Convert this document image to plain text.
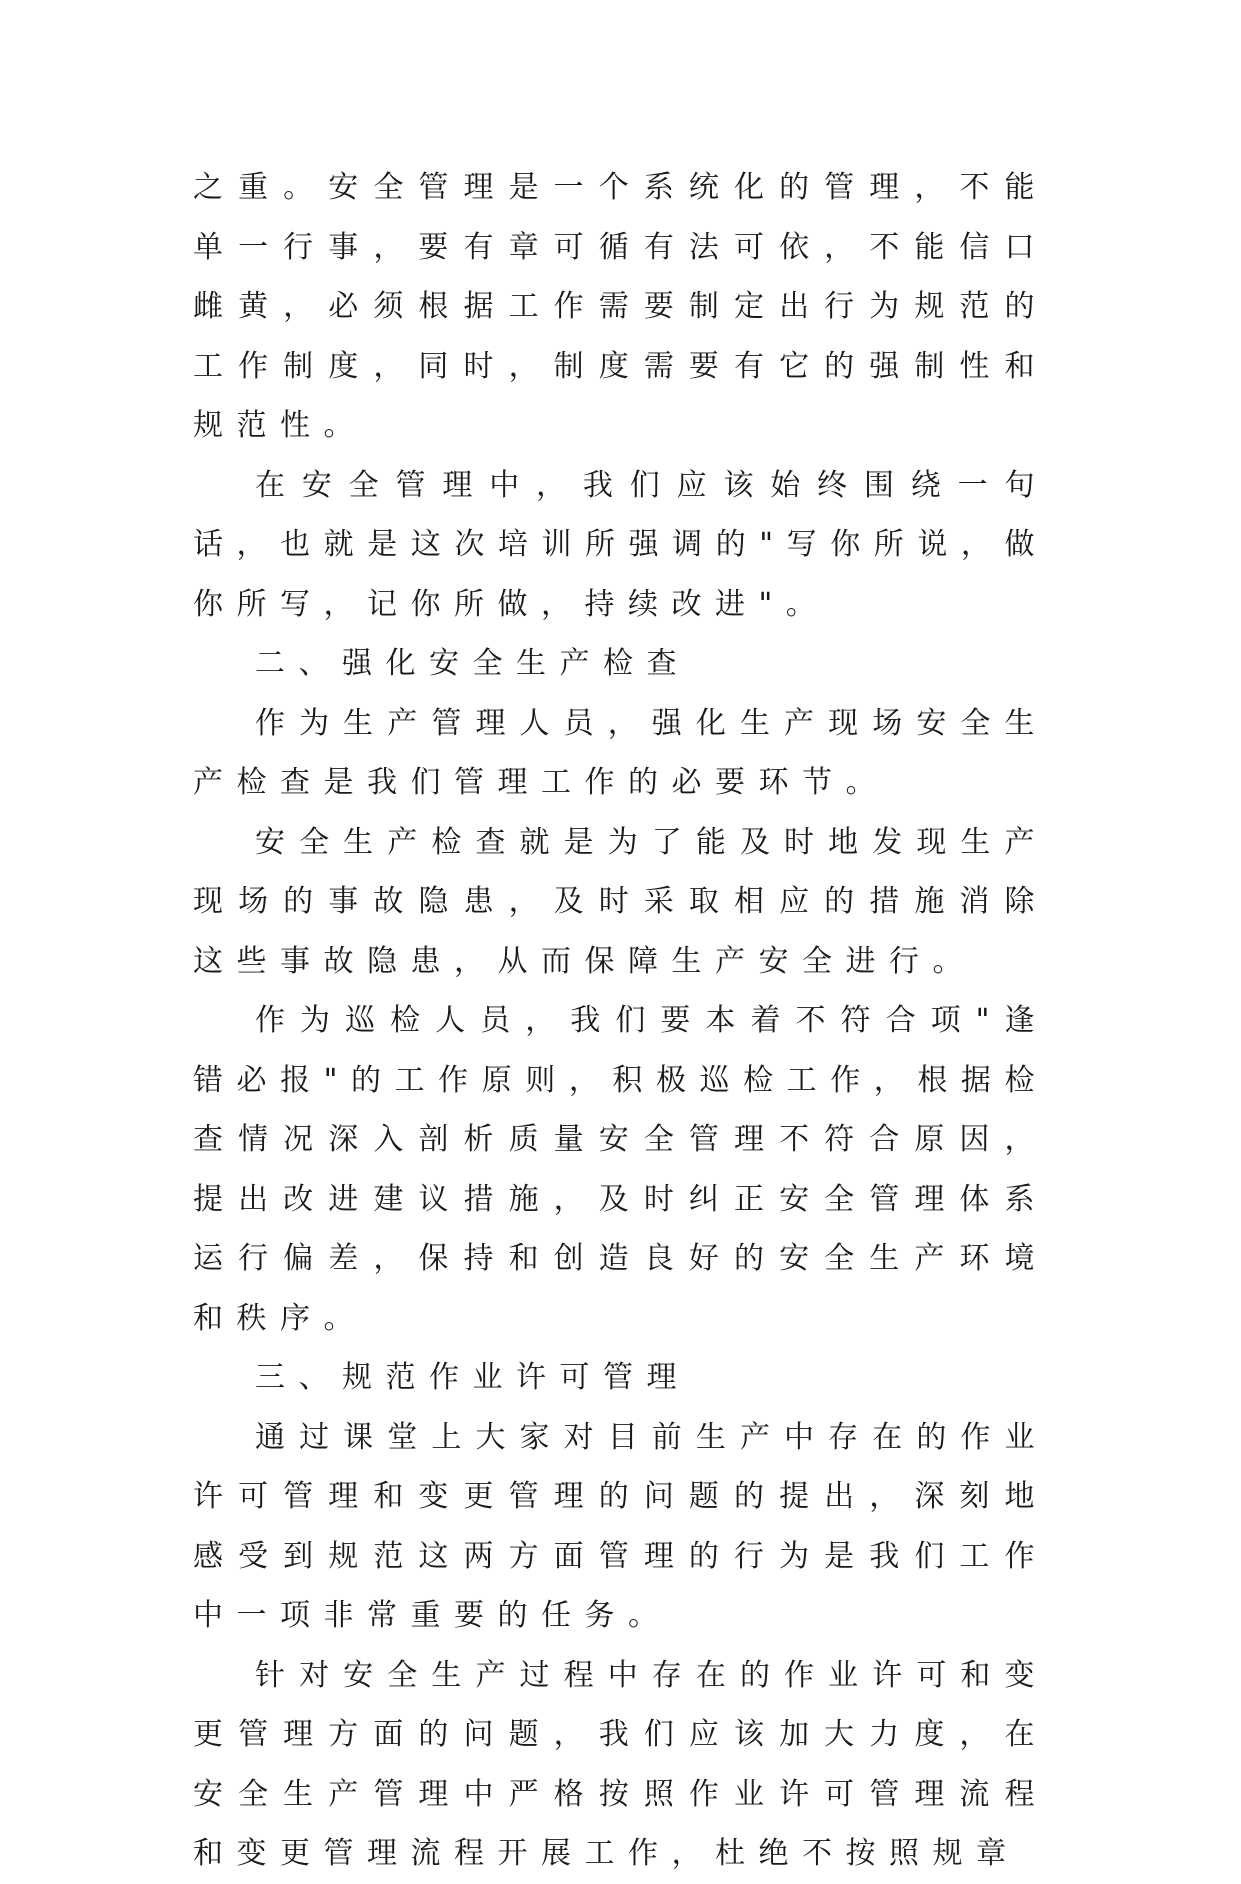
之重。安全管理是一个系统化的管理，不能单一行事，要有章可循有法可依，不能信口雌黄，必须根据工作需要制定出行为规范的工作制度，同时，制度需要有它的强制性和规范性。

在安全管理中，我们应该始终围绕一句话，也就是这次培训所强调的"写你所说，做你所写，记你所做，持续改进"。

二、强化安全生产检查

作为生产管理人员，强化生产现场安全生产检查是我们管理工作的必要环节。

安全生产检查就是为了能及时地发现生产现场的事故隐患，及时采取相应的措施消除这些事故隐患，从而保障生产安全进行。

作为巡检人员，我们要本着不符合项"逢错必报"的工作原则，积极巡检工作，根据检查情况深入剖析质量安全管理不符合原因，提出改进建议措施，及时纠正安全管理体系运行偏差，保持和创造良好的安全生产环境和秩序。

三、规范作业许可管理

通过课堂上大家对目前生产中存在的作业许可管理和变更管理的问题的提出，深刻地感受到规范这两方面管理的行为是我们工作中一项非常重要的任务。

针对安全生产过程中存在的作业许可和变更管理方面的问题，我们应该加大力度，在安全生产管理中严格按照作业许可管理流程和变更管理流程开展工作，杜绝不按照规章
